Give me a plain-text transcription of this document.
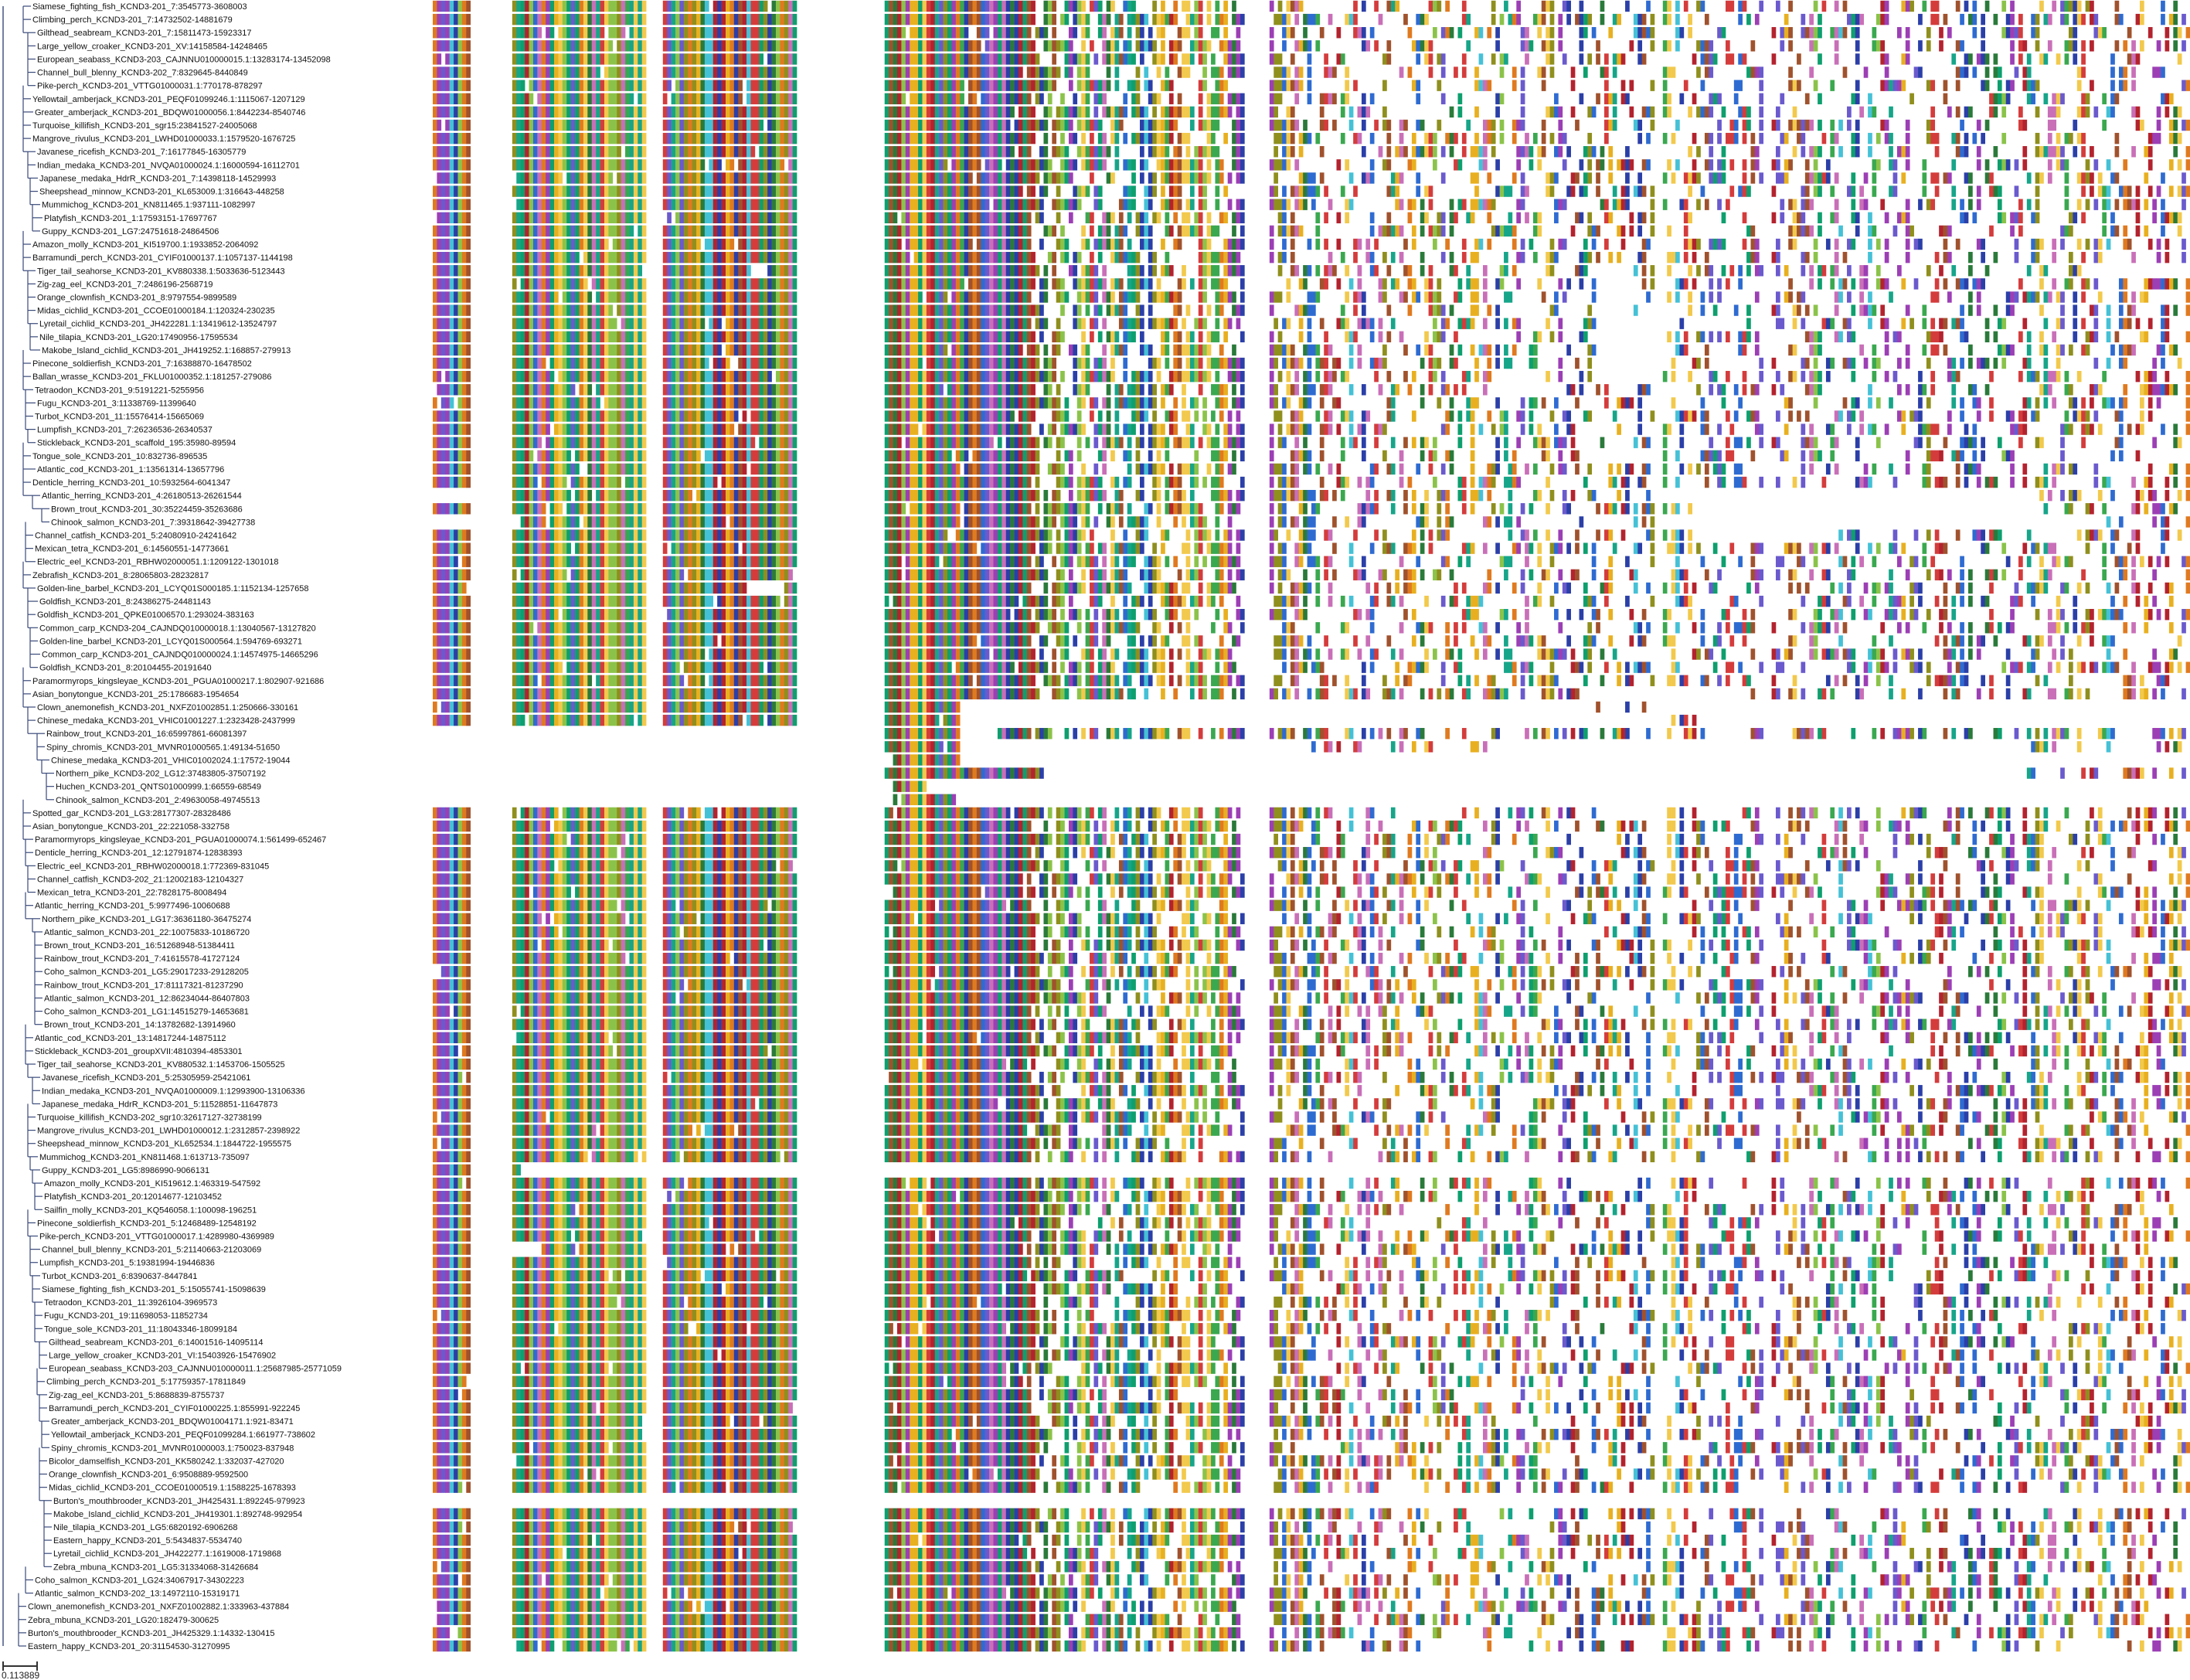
Siamese_fighting_fish_KCND3-201_7:3545773-3608003
Climbing_perch_KCND3-201_7:14732502-14881679
Gilthead_seabream_KCND3-201_7:15811473-15923317
Large_yellow_croaker_KCND3-201_XV:14158584-14248465
European_seabass_KCND3-203_CAJNNU010000015.1:13283174-13452098
Channel_bull_blenny_KCND3-202_7:8329645-8440849
Pike-perch_KCND3-201_VTTG01000031.1:770178-878297
Yellowtail_amberjack_KCND3-201_PEQF01099246.1:1115067-1207129
Greater_amberjack_KCND3-201_BDQW01000056.1:8442234-8540746
Turquoise_killifish_KCND3-201_sgr15:23841527-24005068
Mangrove_rivulus_KCND3-201_LWHD01000033.1:1579520-1676725
Javanese_ricefish_KCND3-201_7:16177845-16305779
Indian_medaka_KCND3-201_NVQA01000024.1:16000594-16112701
Japanese_medaka_HdrR_KCND3-201_7:14398118-14529993
Sheepshead_minnow_KCND3-201_KL653009.1:316643-448258
Mummichog_KCND3-201_KN811465.1:937111-1082997
Platyfish_KCND3-201_1:17593151-17697767
Guppy_KCND3-201_LG7:24751618-24864506
Amazon_molly_KCND3-201_KI519700.1:1933852-2064092
Barramundi_perch_KCND3-201_CYIF01000137.1:1057137-1144198
Tiger_tail_seahorse_KCND3-201_KV880338.1:5033636-5123443
Zig-zag_eel_KCND3-201_7:2486196-2568719
Orange_clownfish_KCND3-201_8:9797554-9899589
Midas_cichlid_KCND3-201_CCOE01000184.1:120324-230235
Lyretail_cichlid_KCND3-201_JH422281.1:13419612-13524797
Nile_tilapia_KCND3-201_LG20:17490956-17595534
Makobe_Island_cichlid_KCND3-201_JH419252.1:168857-279913
Pinecone_soldierfish_KCND3-201_7:16388870-16478502
Ballan_wrasse_KCND3-201_FKLU01000352.1:181257-279086
Tetraodon_KCND3-201_9:5191221-5255956
Fugu_KCND3-201_3:11338769-11399640
Turbot_KCND3-201_11:15576414-15665069
Lumpfish_KCND3-201_7:26236536-26340537
Stickleback_KCND3-201_scaffold_195:35980-89594
Tongue_sole_KCND3-201_10:832736-896535
Atlantic_cod_KCND3-201_1:13561314-13657796
Denticle_herring_KCND3-201_10:5932564-6041347
Atlantic_herring_KCND3-201_4:26180513-26261544
Brown_trout_KCND3-201_30:35224459-35263686
Chinook_salmon_KCND3-201_7:39318642-39427738
Channel_catfish_KCND3-201_5:24080910-24241642
Mexican_tetra_KCND3-201_6:14560551-14773661
Electric_eel_KCND3-201_RBHW02000051.1:1209122-1301018
Zebrafish_KCND3-201_8:28065803-28232817
Golden-line_barbel_KCND3-201_LCYQ01S000185.1:1152134-1257658
Goldfish_KCND3-201_8:24386275-24481143
Goldfish_KCND3-201_QPKE01006570.1:293024-383163
Common_carp_KCND3-204_CAJNDQ010000018.1:13040567-13127820
Golden-line_barbel_KCND3-201_LCYQ01S000564.1:594769-693271
Common_carp_KCND3-201_CAJNDQ010000024.1:14574975-14665296
Goldfish_KCND3-201_8:20104455-20191640
Paramormyrops_kingsleyae_KCND3-201_PGUA01000217.1:802907-921686
Asian_bonytongue_KCND3-201_25:1786683-1954654
Clown_anemonefish_KCND3-201_NXFZ01002851.1:250666-330161
Chinese_medaka_KCND3-201_VHIC01001227.1:2323428-2437999
Rainbow_trout_KCND3-201_16:65997861-66081397
Spiny_chromis_KCND3-201_MVNR01000565.1:49134-51650
Chinese_medaka_KCND3-201_VHIC01002024.1:17572-19044
Northern_pike_KCND3-202_LG12:37483805-37507192
Huchen_KCND3-201_QNTS01000999.1:66559-68549
Chinook_salmon_KCND3-201_2:49630058-49745513
Spotted_gar_KCND3-201_LG3:28177307-28328486
Asian_bonytongue_KCND3-201_22:221058-332758
Paramormyrops_kingsleyae_KCND3-201_PGUA01000074.1:561499-652467
Denticle_herring_KCND3-201_12:12791874-12838393
Electric_eel_KCND3-201_RBHW02000018.1:772369-831045
Channel_catfish_KCND3-202_21:12002183-12104327
Mexican_tetra_KCND3-201_22:7828175-8008494
Atlantic_herring_KCND3-201_5:9977496-10060688
Northern_pike_KCND3-201_LG17:36361180-36475274
Atlantic_salmon_KCND3-201_22:10075833-10186720
Brown_trout_KCND3-201_16:51268948-51384411
Rainbow_trout_KCND3-201_7:41615578-41727124
Coho_salmon_KCND3-201_LG5:29017233-29128205
Rainbow_trout_KCND3-201_17:81117321-81237290
Atlantic_salmon_KCND3-201_12:86234044-86407803
Coho_salmon_KCND3-201_LG1:14515279-14653681
Brown_trout_KCND3-201_14:13782682-13914960
Atlantic_cod_KCND3-201_13:14817244-14875112
Stickleback_KCND3-201_groupXVII:4810394-4853301
Tiger_tail_seahorse_KCND3-201_KV880532.1:1453706-1505525
Javanese_ricefish_KCND3-201_5:25305959-25421061
Indian_medaka_KCND3-201_NVQA01000009.1:12993900-13106336
Japanese_medaka_HdrR_KCND3-201_5:11528851-11647873
Turquoise_killifish_KCND3-202_sgr10:32617127-32738199
Mangrove_rivulus_KCND3-201_LWHD01000012.1:2312857-2398922
Sheepshead_minnow_KCND3-201_KL652534.1:1844722-1955575
Mummichog_KCND3-201_KN811468.1:613713-735097
Guppy_KCND3-201_LG5:8986990-9066131
Amazon_molly_KCND3-201_KI519612.1:463319-547592
Platyfish_KCND3-201_20:12014677-12103452
Sailfin_molly_KCND3-201_KQ546058.1:100098-196251
Pinecone_soldierfish_KCND3-201_5:12468489-12548192
Pike-perch_KCND3-201_VTTG01000017.1:4289980-4369989
Channel_bull_blenny_KCND3-201_5:21140663-21203069
Lumpfish_KCND3-201_5:19381994-19446836
Turbot_KCND3-201_6:8390637-8447841
Siamese_fighting_fish_KCND3-201_5:15055741-15098639
Tetraodon_KCND3-201_11:3926104-3969573
Fugu_KCND3-201_19:11698053-11852734
Tongue_sole_KCND3-201_11:18043346-18099184
Gilthead_seabream_KCND3-201_6:14001516-14095114
Large_yellow_croaker_KCND3-201_VI:15403926-15476902
European_seabass_KCND3-203_CAJNNU010000011.1:25687985-25771059
Climbing_perch_KCND3-201_5:17759357-17811849
Zig-zag_eel_KCND3-201_5:8688839-8755737
Barramundi_perch_KCND3-201_CYIF01000225.1:855991-922245
Greater_amberjack_KCND3-201_BDQW01004171.1:921-83471
Yellowtail_amberjack_KCND3-201_PEQF01099284.1:661977-738602
Spiny_chromis_KCND3-201_MVNR01000003.1:750023-837948
Bicolor_damselfish_KCND3-201_KK580242.1:332037-427020
Orange_clownfish_KCND3-201_6:9508889-9592500
Midas_cichlid_KCND3-201_CCOE01000519.1:1588225-1678393
Burton's_mouthbrooder_KCND3-201_JH425431.1:892245-979923
Makobe_Island_cichlid_KCND3-201_JH419301.1:892748-992954
Nile_tilapia_KCND3-201_LG5:6820192-6906268
Eastern_happy_KCND3-201_5:5434837-5534740
Lyretail_cichlid_KCND3-201_JH422277.1:1619008-1719868
Zebra_mbuna_KCND3-201_LG5:31334068-31426684
Coho_salmon_KCND3-201_LG24:34067917-34302223
Atlantic_salmon_KCND3-202_13:14972110-15319171
Clown_anemonefish_KCND3-201_NXFZ01002882.1:333963-437884
Zebra_mbuna_KCND3-201_LG20:182479-300625
Burton's_mouthbrooder_KCND3-201_JH425329.1:14332-130415
Eastern_happy_KCND3-201_20:31154530-31270995
0.113889
